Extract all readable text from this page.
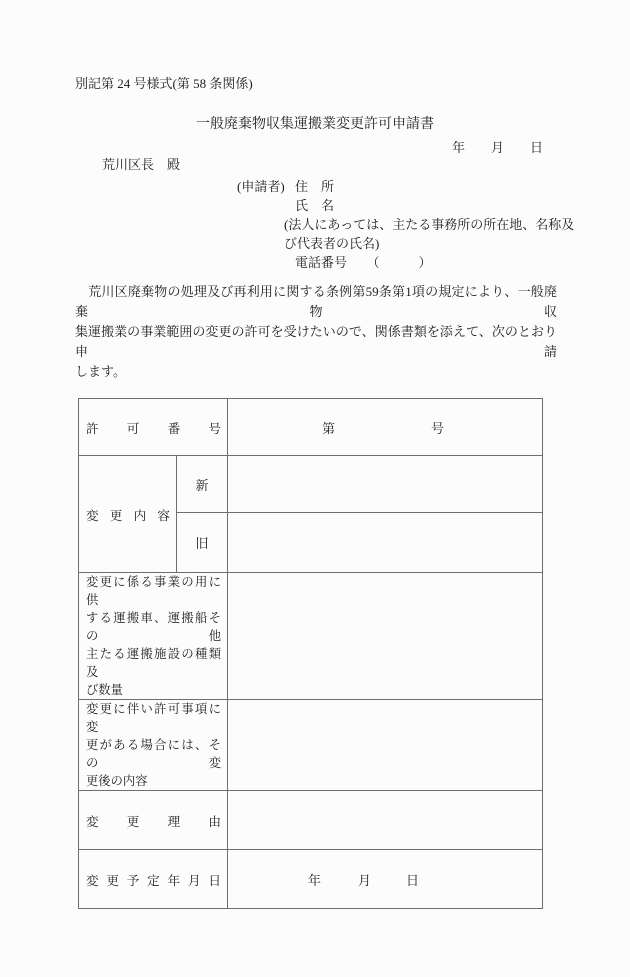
別記第 24 号様式(第 58 条関係)
一般廃棄物収集運搬業変更許可申請書
年　　月　　日
荒川区長　殿
(申請者) 住　所
氏　名
(法人にあっては、主たる事務所の所在地、名称及
び代表者の氏名)
電話番号　　（　　　）
　荒川区廃棄物の処理及び再利用に関する条例第59条第1項の規定により、一般廃棄物収
集運搬業の事業範囲の変更の許可を受けたいので、関係書類を添えて、次のとおり申請
します。
許 可 番 号		第 号

変 更 内 容	新	
	旧	

変更に係る事業の用に供
する運搬車、運搬船その他
主たる運搬施設の種類及
び数量		

変更に伴い許可事項に変
更がある場合には、その変
更後の内容		

変 更 理 由		

変 更 予 定 年 月 日	年	月	日
